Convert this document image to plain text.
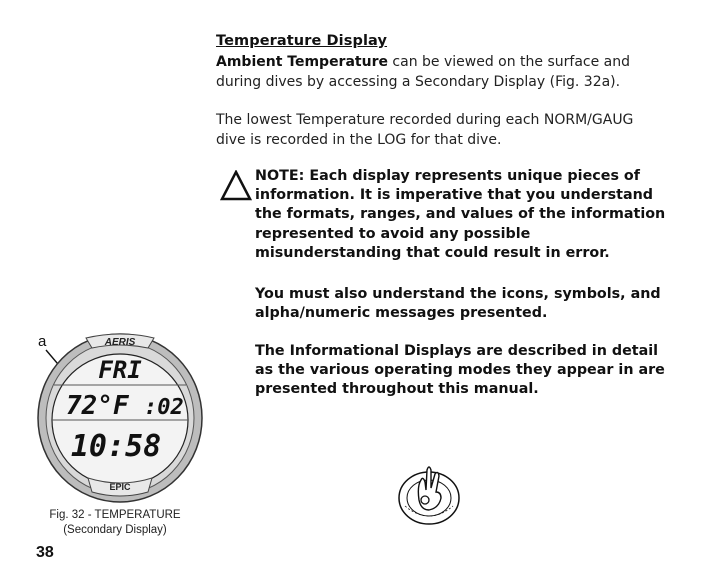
Temperature Display
Ambient Temperature can be viewed on the surface and during dives by accessing a Secondary Display (Fig. 32a).
The lowest Temperature recorded during each NORM/GAUG dive is recorded in the LOG for that dive.
NOTE: Each display represents unique pieces of information. It is imperative that you understand the formats, ranges, and values of the information represented to avoid any possible misunderstanding that could result in error.
You must also understand the icons, symbols, and alpha/numeric messages presented.
The Informational Displays are described in detail as the various operating modes they appear in are presented throughout this manual.
a	AERIS
FRI
72°F :02
10:58
EPIC
Fig. 32 - TEMPERATURE
(Secondary Display)
38
